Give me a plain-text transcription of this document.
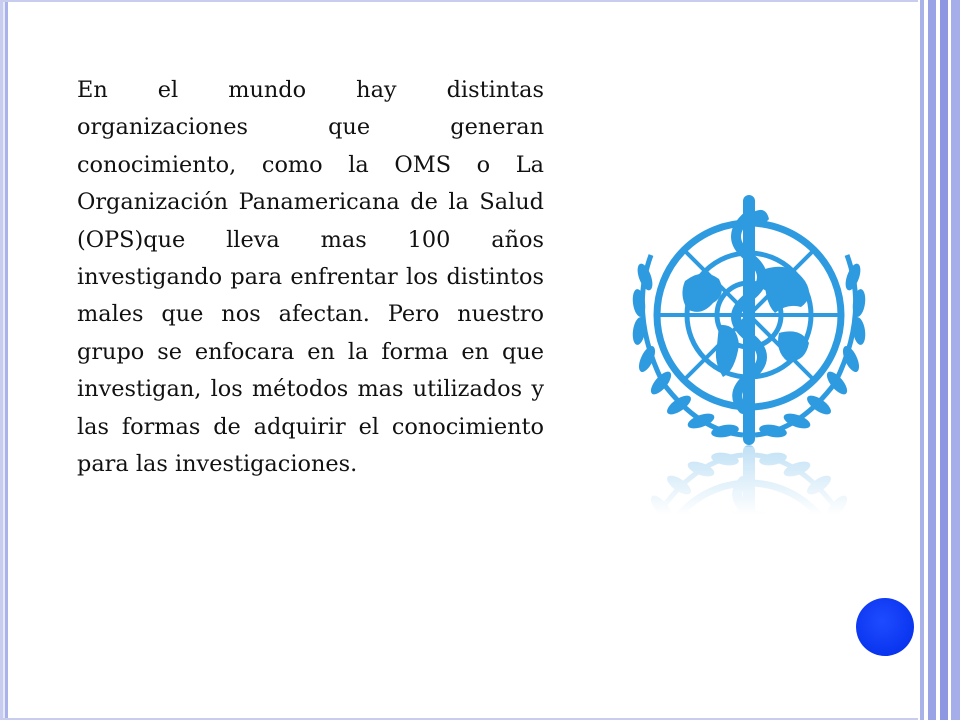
En el mundo hay distintas organizaciones que generan conocimiento, como la OMS o La Organización Panamericana de la Salud (OPS)que lleva mas 100 años investigando para enfrentar los distintos males que nos afectan. Pero nuestro grupo se enfocara en la forma en que investigan, los métodos mas utilizados y las formas de adquirir el conocimiento para las investigaciones.
